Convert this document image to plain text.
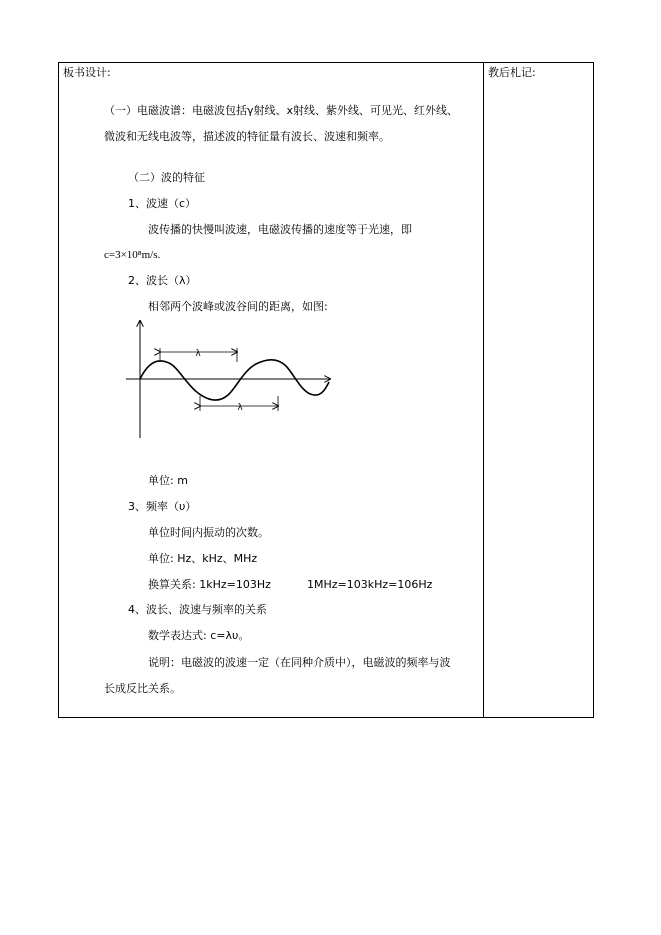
板书设计:	教后札记:
（一）电磁波谱：电磁波包括γ射线、x射线、紫外线、可见光、红外线、
微波和无线电波等，描述波的特征量有波长、波速和频率。
（二）波的特征
1、波速（c）
波传播的快慢叫波速，电磁波传播的速度等于光速，即
c=3×10⁸m/s.
2、波长（λ）
相邻两个波峰或波谷间的距离，如图:
λ
λ
单位: m
3、频率（υ）
单位时间内振动的次数。
单位: Hz、kHz、MHz
换算关系: 1kHz=103Hz	1MHz=103kHz=106Hz
4、波长、波速与频率的关系
数学表达式: c=λυ。
说明：电磁波的波速一定（在同种介质中），电磁波的频率与波
长成反比关系。
